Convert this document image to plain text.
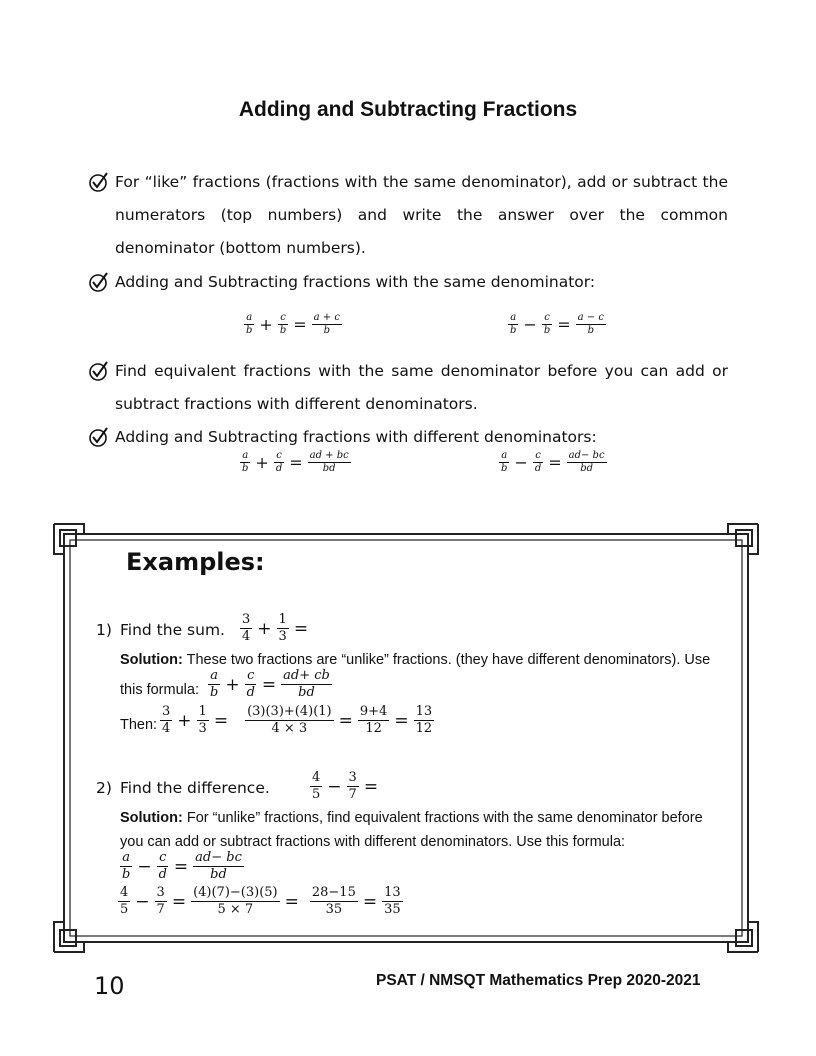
Adding and Subtracting Fractions
For “like” fractions (fractions with the same denominator), add or subtract the numerators (top numbers) and write the answer over the common denominator (bottom numbers).
Adding and Subtracting fractions with the same denominator:
$\frac{a}{b} + \frac{c}{b} = \frac{a + c}{b}$	$\frac{a}{b} - \frac{c}{b} = \frac{a - c}{b}$
Find equivalent fractions with the same denominator before you can add or subtract fractions with different denominators.
Adding and Subtracting fractions with different denominators:
$\frac{a}{b} + \frac{c}{d} = \frac{ad + bc}{bd}$	$\frac{a}{b} - \frac{c}{d} = \frac{ad- bc}{bd}$
Examples:
1) Find the sum. $\frac{3}{4} + \frac{1}{3}$ =
Solution: These two fractions are “unlike” fractions. (they have different denominators). Use
this formula: $\frac{a}{b} + \frac{c}{d} = \frac{ad+ cb}{bd}$
Then: $\frac{3}{4} + \frac{1}{3} = \frac{(3)(3)+(4)(1)}{4 \times 3} = \frac{9+4}{12} = \frac{13}{12}$
2) Find the difference.	$\frac{4}{5} - \frac{3}{7}$ =
Solution: For “unlike” fractions, find equivalent fractions with the same denominator before
you can add or subtract fractions with different denominators. Use this formula:
$\frac{a}{b} - \frac{c}{d} = \frac{ad- bc}{bd}$
$\frac{4}{5} - \frac{3}{7} = \frac{(4)(7)-(3)(5)}{5 \times 7} = \frac{28-15}{35} = \frac{13}{35}$
10	PSAT / NMSQT Mathematics Prep 2020-2021
